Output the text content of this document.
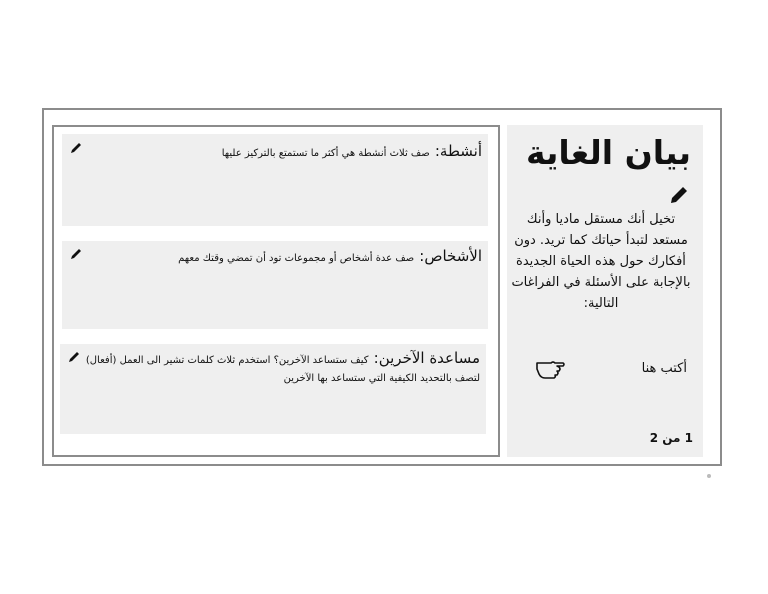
أنشطة: صف ثلاث أنشطة هي أكثر ما تستمتع بالتركيز عليها
الأشخاص: صف عدة أشخاص أو مجموعات تود أن تمضي وقتك معهم
مساعدة الآخرين: كيف ستساعد الآخرين؟ استخدم ثلاث كلمات تشير الى العمل (أفعال) لتصف بالتحديد الكيفية التي ستساعد بها الآخرين
بيان الغاية
تخيل أنك مستقل ماديا وأنك مستعد لتبدأ حياتك كما تريد. دون أفكارك حول هذه الحياة الجديدة بالإجابة على الأسئلة في الفراغات التالية:
أكتب هنا
1 من 2
